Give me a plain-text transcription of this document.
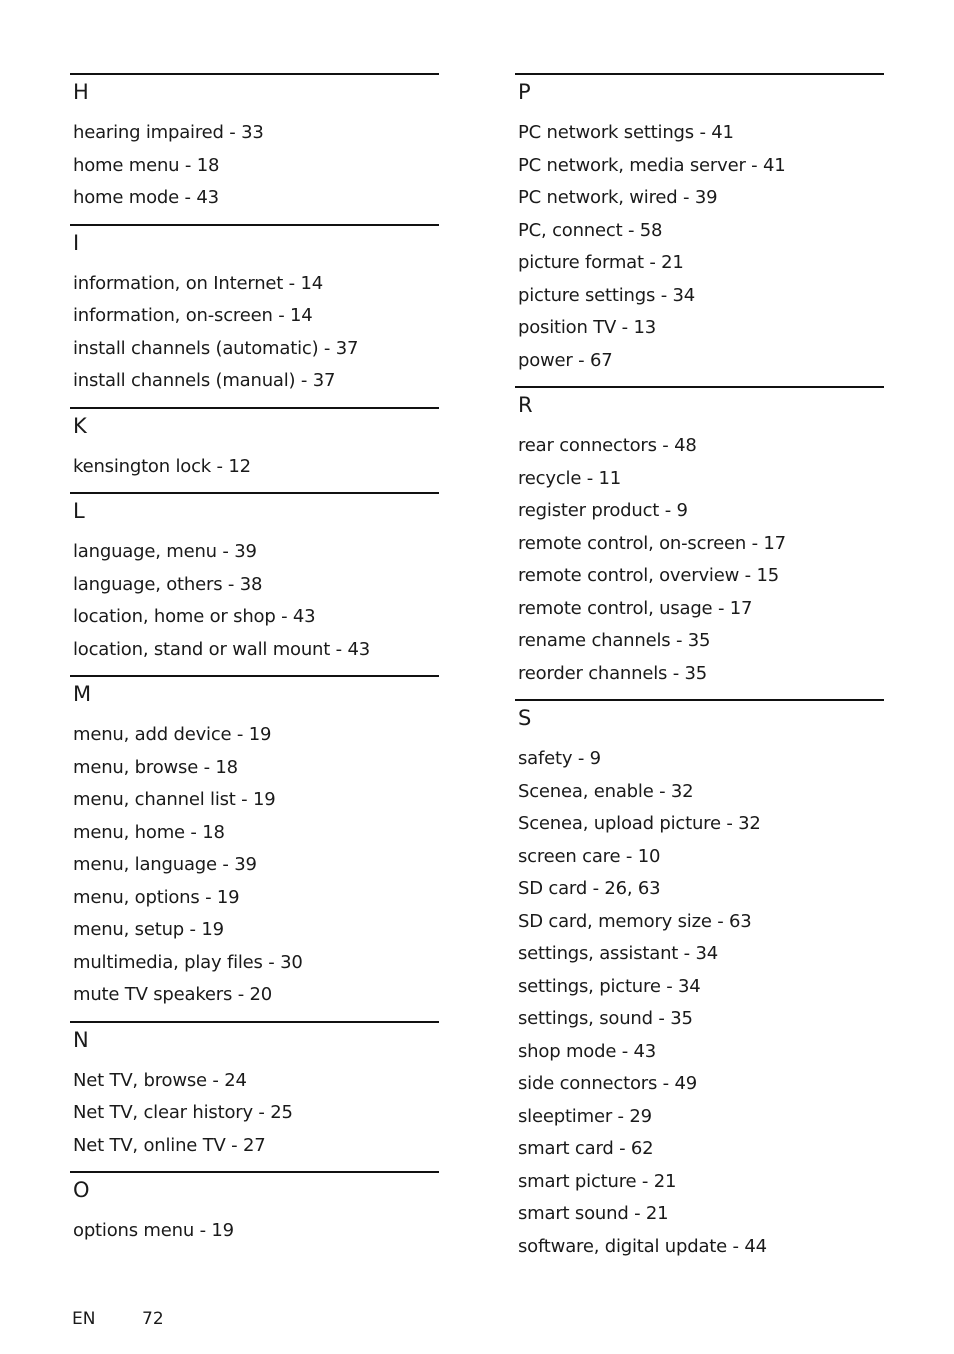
H
hearing impaired - 33
home menu - 18
home mode - 43
I
information, on Internet - 14
information, on-screen - 14
install channels (automatic) - 37
install channels (manual) - 37
K
kensington lock - 12
L
language, menu - 39
language, others - 38
location, home or shop - 43
location, stand or wall mount - 43
M
menu, add device - 19
menu, browse - 18
menu, channel list - 19
menu, home - 18
menu, language - 39
menu, options - 19
menu, setup - 19
multimedia, play files - 30
mute TV speakers - 20
N
Net TV, browse - 24
Net TV, clear history - 25
Net TV, online TV - 27
O
options menu - 19
P
PC network settings - 41
PC network, media server - 41
PC network, wired - 39
PC, connect - 58
picture format - 21
picture settings - 34
position TV - 13
power - 67
R
rear connectors - 48
recycle - 11
register product - 9
remote control, on-screen - 17
remote control, overview - 15
remote control, usage - 17
rename channels - 35
reorder channels - 35
S
safety - 9
Scenea, enable - 32
Scenea, upload picture - 32
screen care - 10
SD card - 26, 63
SD card, memory size - 63
settings, assistant - 34
settings, picture - 34
settings, sound - 35
shop mode - 43
side connectors - 49
sleeptimer - 29
smart card - 62
smart picture - 21
smart sound - 21
software, digital update - 44
EN	72
